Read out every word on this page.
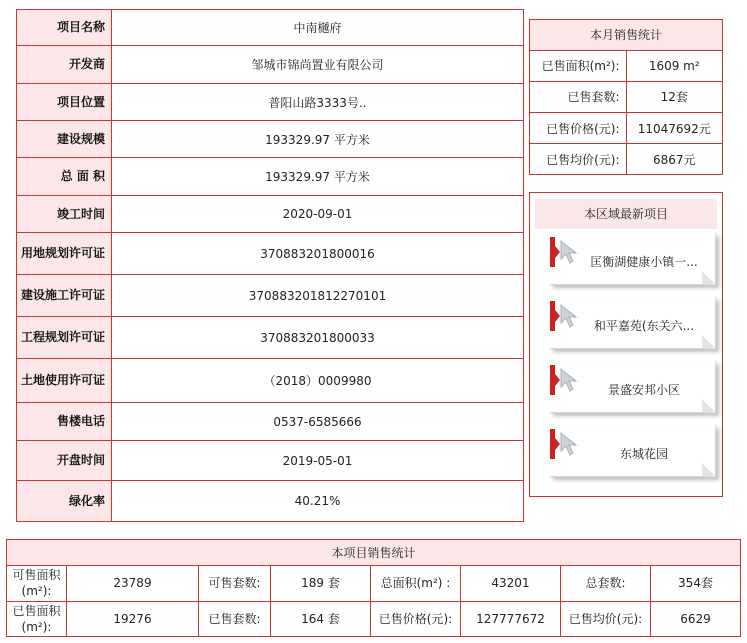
项目名称	中南樾府
开发商	邹城市锦尚置业有限公司
项目位置	普阳山路3333号..
建设规模	193329.97 平方米
总 面 积	193329.97 平方米
竣工时间	2020-09-01
用地规划许可证	370883201800016
建设施工许可证	370883201812270101
工程规划许可证	370883201800033
土地使用许可证	（2018）0009980
售楼电话	0537-6585666
开盘时间	2019-05-01
绿化率	40.21%
本月销售统计	
已售面积(m²):	1609 m²
已售套数:	12套
已售价格(元):	11047692元
已售均价(元):	6867元
本区域最新项目
匡衡湖健康小镇一...
和平嘉苑(东关六...
景盛安邦小区
东城花园
本项目销售统计							
可售面积(m²):	23789	可售套数:	189 套	总面积(m²) :	43201	总套数:	354套
已售面积(m²):	19276	已售套数:	164 套	已售价格(元):	127777672	已售均价(元):	6629
